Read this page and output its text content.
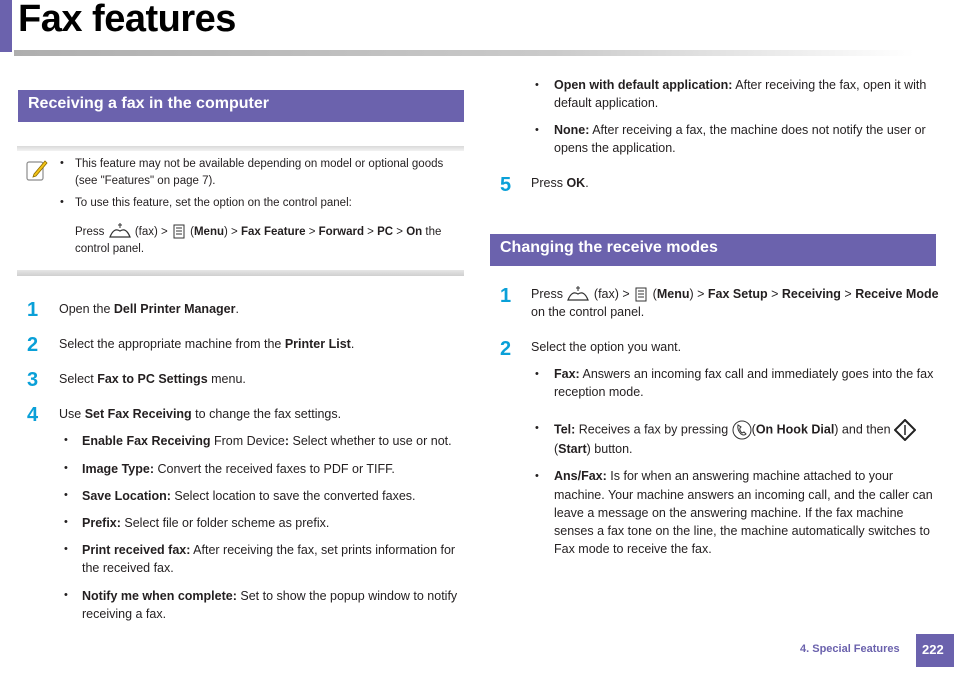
Fax features
Receiving a fax in the computer
• This feature may not be available depending on model or optional goods
(see "Features" on page 7).
• To use this feature, set the option on the control panel:
Press	(fax) >  (Menu) > Fax Feature > Forward > PC > On the
control panel.
1 Open the Dell Printer Manager.
2 Select the appropriate machine from the Printer List.
3 Select Fax to PC Settings menu.
4 Use Set Fax Receiving to change the fax settings.
• Enable Fax Receiving From Device: Select whether to use or not.
• Image Type: Convert the received faxes to PDF or TIFF.
• Save Location: Select location to save the converted faxes.
• Prefix: Select file or folder scheme as prefix.
• Print received fax: After receiving the fax, set prints information for
the received fax.
• Notify me when complete: Set to show the popup window to notify
receiving a fax.
• Open with default application: After receiving the fax, open it with
default application.
• None: After receiving a fax, the machine does not notify the user or
opens the application.
5 Press OK.
Changing the receive modes
1 Press (fax) >  (Menu) > Fax Setup > Receiving > Receive Mode
on the control panel.
2 Select the option you want.
• Fax: Answers an incoming fax call and immediately goes into the fax
reception mode.
• Tel: Receives a fax by pressing (On Hook Dial) and then
(Start) button.
• Ans/Fax: Is for when an answering machine attached to your
machine. Your machine answers an incoming call, and the caller can
leave a message on the answering machine. If the fax machine
senses a fax tone on the line, the machine automatically switches to
Fax mode to receive the fax.
4. Special Features	222
